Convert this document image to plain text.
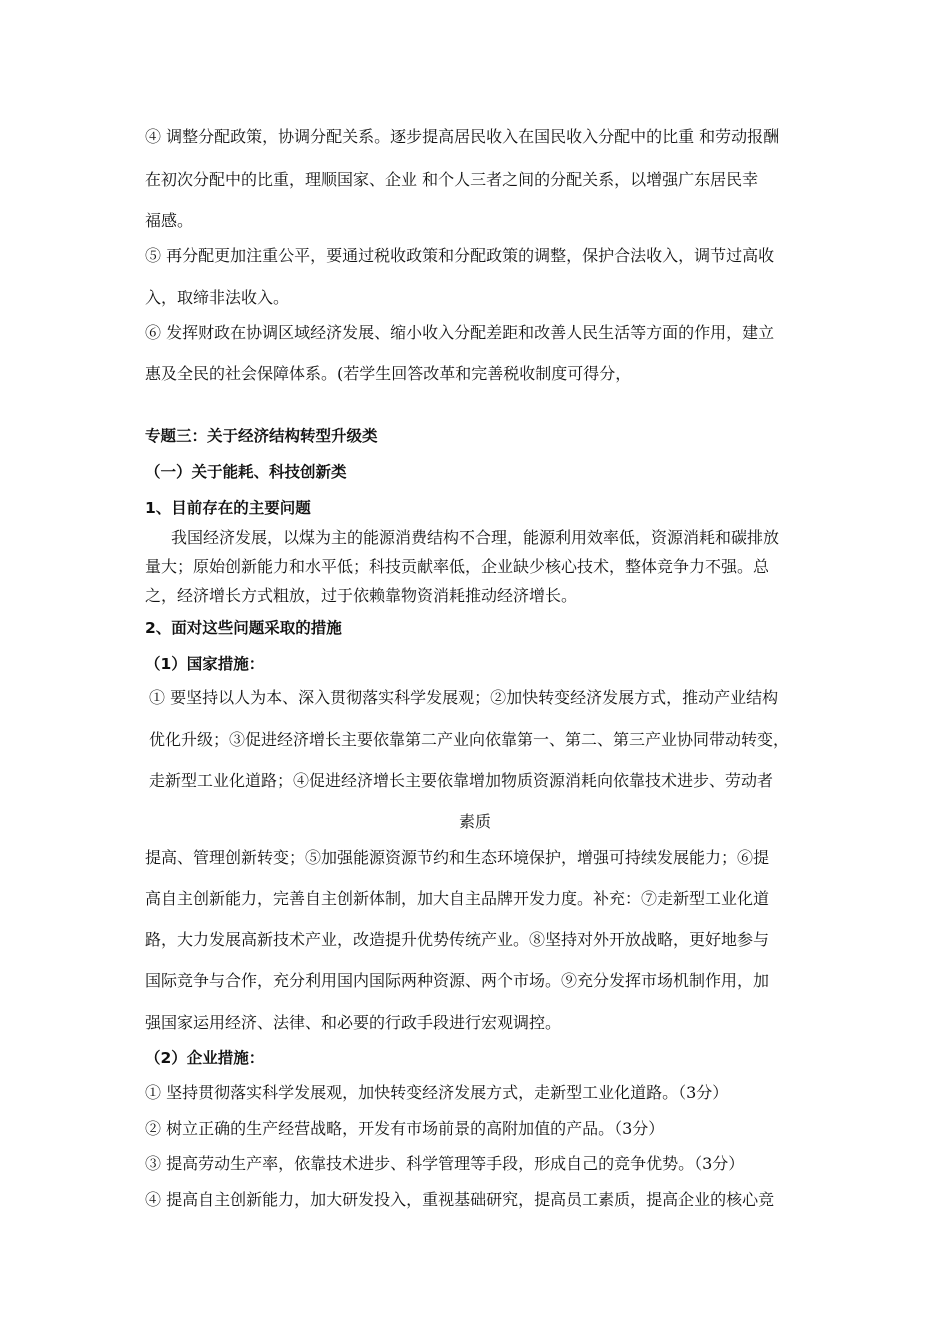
④ 调整分配政策，协调分配关系。逐步提高居民收入在国民收入分配中的比重 和劳动报酬
在初次分配中的比重，理顺国家、企业 和个人三者之间的分配关系，以增强广东居民幸
福感。
⑤ 再分配更加注重公平，要通过税收政策和分配政策的调整，保护合法收入，调节过高收
入，取缔非法收入。
⑥ 发挥财政在协调区域经济发展、缩小收入分配差距和改善人民生活等方面的作用，建立
惠及全民的社会保障体系。(若学生回答改革和完善税收制度可得分，
专题三：关于经济结构转型升级类
（一）关于能耗、科技创新类
1、目前存在的主要问题
我国经济发展，以煤为主的能源消费结构不合理，能源利用效率低，资源消耗和碳排放
量大；原始创新能力和水平低；科技贡献率低，企业缺少核心技术，整体竞争力不强。总
之，经济增长方式粗放，过于依赖靠物资消耗推动经济增长。
2、面对这些问题采取的措施
（1）国家措施：
① 要坚持以人为本、深入贯彻落实科学发展观；②加快转变经济发展方式，推动产业结构
优化升级；③促进经济增长主要依靠第二产业向依靠第一、第二、第三产业协同带动转变，
走新型工业化道路；④促进经济增长主要依靠增加物质资源消耗向依靠技术进步、劳动者
素质
提高、管理创新转变；⑤加强能源资源节约和生态环境保护，增强可持续发展能力；⑥提
高自主创新能力，完善自主创新体制，加大自主品牌开发力度。补充：⑦走新型工业化道
路，大力发展高新技术产业，改造提升优势传统产业。⑧坚持对外开放战略，更好地参与
国际竞争与合作，充分利用国内国际两种资源、两个市场。⑨充分发挥市场机制作用，加
强国家运用经济、法律、和必要的行政手段进行宏观调控。
（2）企业措施：
① 坚持贯彻落实科学发展观，加快转变经济发展方式，走新型工业化道路。（3分）
② 树立正确的生产经营战略，开发有市场前景的高附加值的产品。（3分）
③ 提高劳动生产率，依靠技术进步、科学管理等手段，形成自己的竞争优势。（3分）
④ 提高自主创新能力，加大研发投入，重视基础研究，提高员工素质，提高企业的核心竞
